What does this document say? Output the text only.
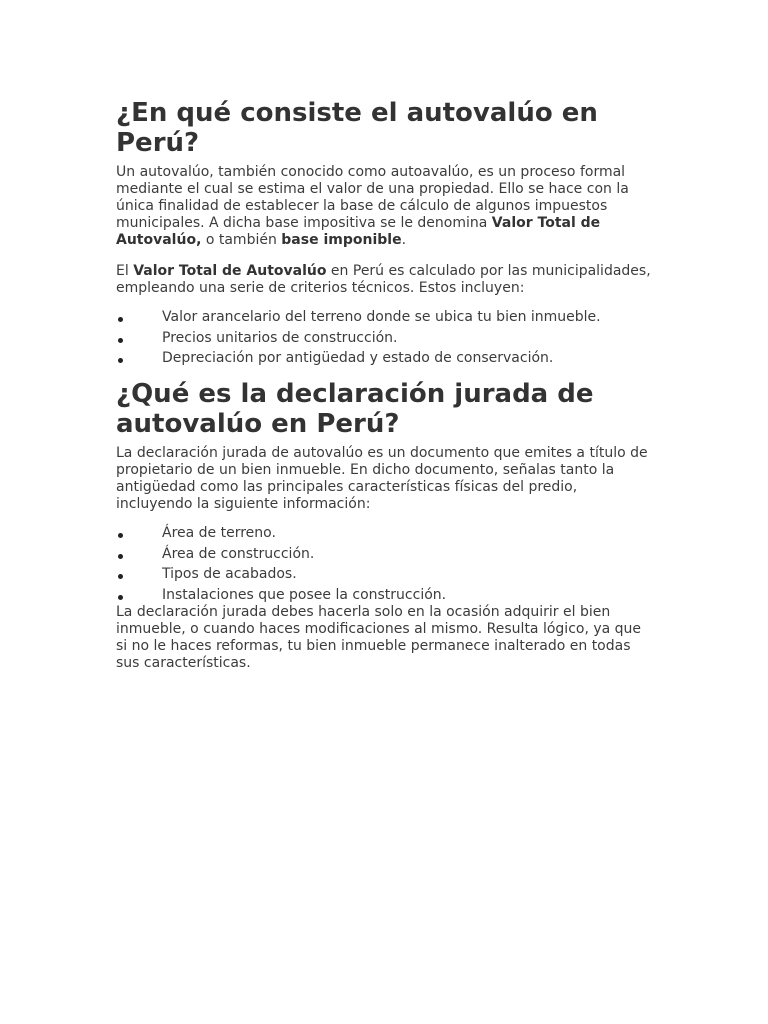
¿En qué consiste el autovalúo en Perú?

Un autovalúo, también conocido como autoavalúo, es un proceso formal mediante el cual se estima el valor de una propiedad. Ello se hace con la única finalidad de establecer la base de cálculo de algunos impuestos municipales. A dicha base impositiva se le denomina Valor Total de Autovalúo, o también base imponible.

El Valor Total de Autovalúo en Perú es calculado por las municipalidades, empleando una serie de criterios técnicos. Estos incluyen:

Valor arancelario del terreno donde se ubica tu bien inmueble.
Precios unitarios de construcción.
Depreciación por antigüedad y estado de conservación.
¿Qué es la declaración jurada de autovalúo en Perú?

La declaración jurada de autovalúo es un documento que emites a título de propietario de un bien inmueble. En dicho documento, señalas tanto la antigüedad como las principales características físicas del predio, incluyendo la siguiente información:

Área de terreno.
Área de construcción.
Tipos de acabados.
Instalaciones que posee la construcción.

La declaración jurada debes hacerla solo en la ocasión adquirir el bien inmueble, o cuando haces modificaciones al mismo. Resulta lógico, ya que si no le haces reformas, tu bien inmueble permanece inalterado en todas sus características.
